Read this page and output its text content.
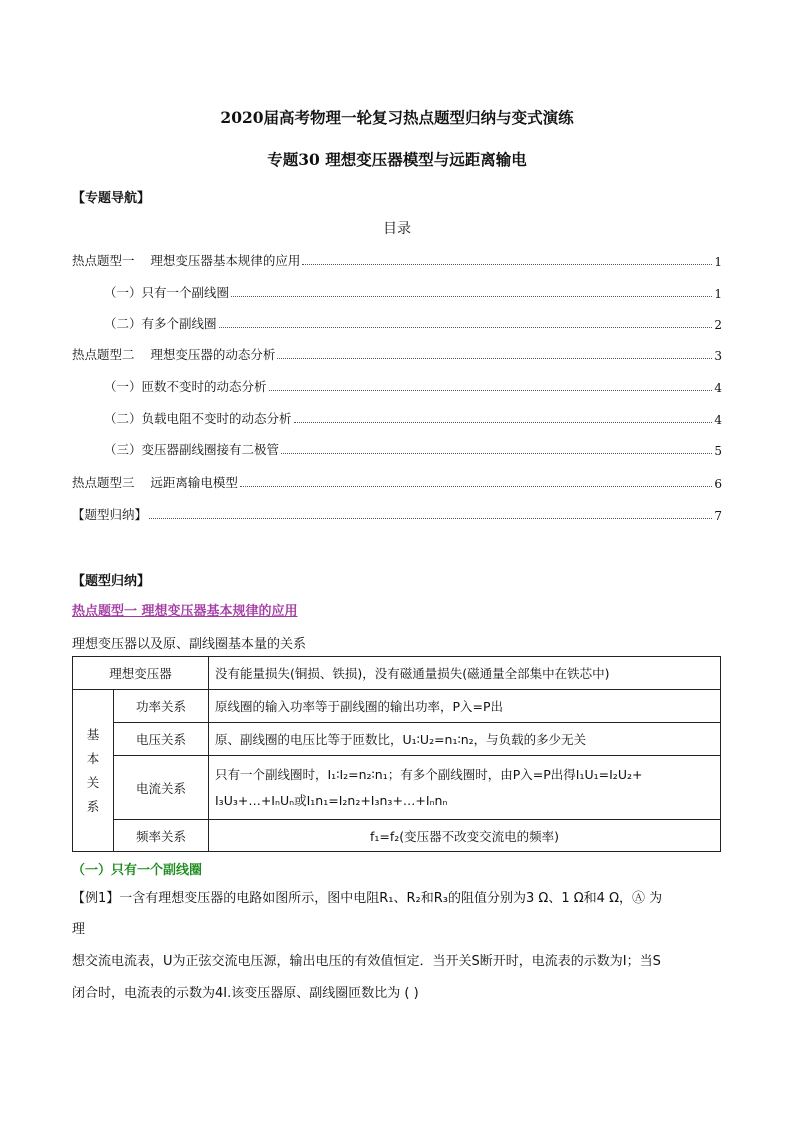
2020届高考物理一轮复习热点题型归纳与变式演练
专题30 理想变压器模型与远距离输电
【专题导航】
目录
热点题型一    理想变压器基本规律的应用	1
（一）只有一个副线圈	1
（二）有多个副线圈	2
热点题型二    理想变压器的动态分析	3
（一）匝数不变时的动态分析	4
（二）负载电阻不变时的动态分析	4
（三）变压器副线圈接有二极管	5
热点题型三    远距离输电模型	6
【题型归纳】	7
【题型归纳】
热点题型一 理想变压器基本规律的应用
理想变压器以及原、副线圈基本量的关系
理想变压器		没有能量损失(铜损、铁损)，没有磁通量损失(磁通量全部集中在铁芯中)

基
本
关
系	功率关系	原线圈的输入功率等于副线圈的输出功率，P入=P出
	电压关系	原、副线圈的电压比等于匝数比，U₁∶U₂=n₁∶n₂，与负载的多少无关
	电流关系	只有一个副线圈时，I₁∶I₂=n₂∶n₁；有多个副线圈时，由P入=P出得I₁U₁=I₂U₂+
I₃U₃+…+IₙUₙ或I₁n₁=I₂n₂+I₃n₃+…+Iₙnₙ

	频率关系	f₁=f₂(变压器不改变交流电的频率)
（一）只有一个副线圈
【例1】一含有理想变压器的电路如图所示，图中电阻R₁、R₂和R₃的阻值分别为3 Ω、1 Ω和4 Ω，Ⓐ 为
理
想交流电流表，U为正弦交流电压源，输出电压的有效值恒定．当开关S断开时，电流表的示数为I；当S
闭合时，电流表的示数为4I.该变压器原、副线圈匝数比为 ( )
